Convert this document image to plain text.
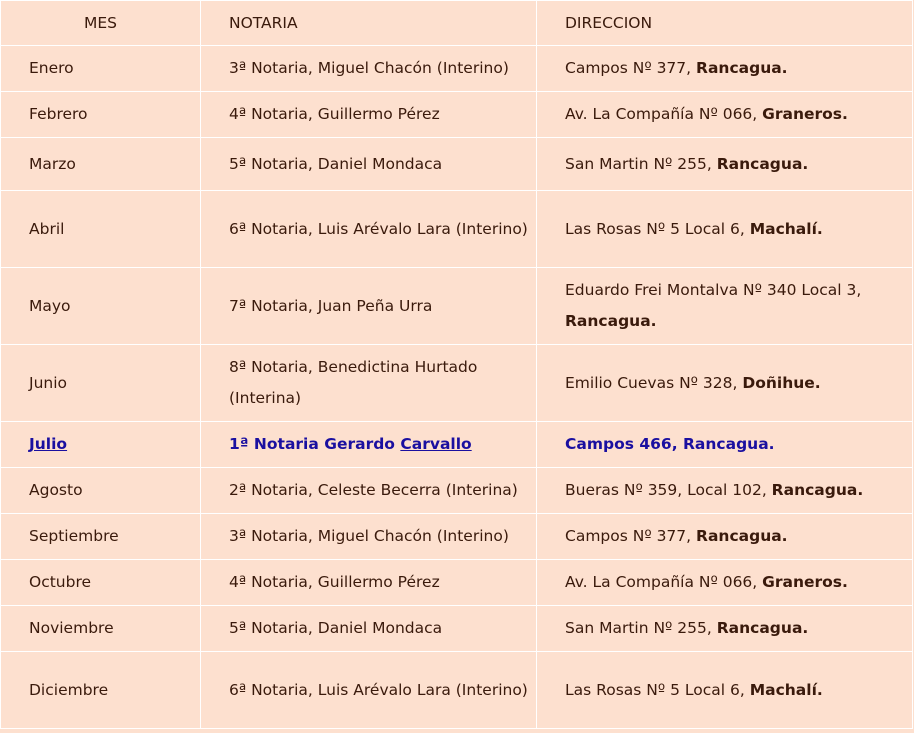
MES	NOTARIA	DIRECCION
Enero	3ª Notaria, Miguel Chacón (Interino)	Campos Nº 377, Rancagua.
Febrero	4ª Notaria, Guillermo Pérez	Av. La Compañía Nº 066, Graneros.
Marzo	5ª Notaria, Daniel Mondaca	San Martin Nº 255, Rancagua.
Abril	6ª Notaria, Luis Arévalo Lara (Interino)	Las Rosas Nº 5 Local 6, Machalí.
Mayo	7ª Notaria, Juan Peña Urra	Eduardo Frei Montalva Nº 340 Local 3, Rancagua.
Junio	8ª Notaria, Benedictina Hurtado (Interina)	Emilio Cuevas Nº 328, Doñihue.
Julio	1ª Notaria Gerardo Carvallo	Campos 466, Rancagua.
Agosto	2ª Notaria, Celeste Becerra (Interina)	Bueras Nº 359, Local 102, Rancagua.
Septiembre	3ª Notaria, Miguel Chacón (Interino)	Campos Nº 377, Rancagua.
Octubre	4ª Notaria, Guillermo Pérez	Av. La Compañía Nº 066, Graneros.
Noviembre	5ª Notaria, Daniel Mondaca	San Martin Nº 255, Rancagua.
Diciembre	6ª Notaria, Luis Arévalo Lara (Interino)	Las Rosas Nº 5 Local 6, Machalí.
